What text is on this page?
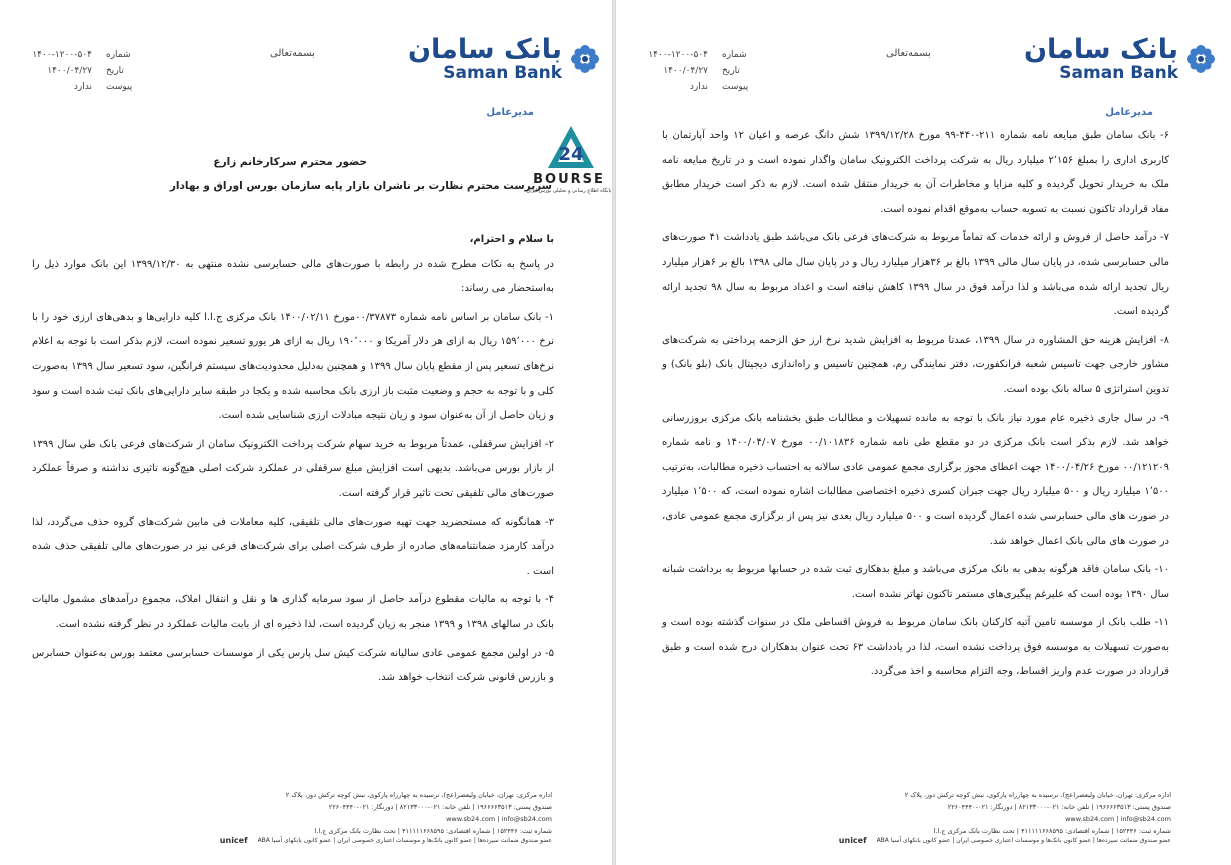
بانک سامان
Saman Bank
بسمه‌تعالی
۱۴۰۰-۱۲۰۰-۵۰۴ شماره
۱۴۰۰/۰۴/۲۷ تاریخ
ندارد پیوست
مدیرعامل
24
BOURSE
پایگاه اطلاع رسانی و تحلیلی بورس ایران
حضور محترم سرکارخانم زارع
سرپرست محترم نظارت بر ناشران بازار پایه سازمان بورس اوراق و بهادار

با سلام و احترام،

در پاسخ به نکات مطرح شده در رابطه با صورت‌های مالی حسابرسی نشده منتهی به ۱۳۹۹/۱۲/۳۰ این بانک موارد ذیل را به‌استحضار می رساند:

۱- بانک سامان بر اساس نامه شماره ۰۰/۳۷۸۷۳مورخ ۱۴۰۰/۰۲/۱۱ بانک مرکزی ج.ا.ا کلیه دارایی‌ها و بدهی‌های ارزی خود را با نرخ ۱۵۹٬۰۰۰ ریال به ازای هر دلار آمریکا و ۱۹۰٬۰۰۰ ریال به ازای هر یورو تسعیر نموده است، لازم بذکر است با توجه به اعلام نرخ‌های تسعیر پس از مقطع پایان سال ۱۳۹۹ و همچنین به‌دلیل محدودیت‌های سیستم فرانگین، سود تسعیر سال ۱۳۹۹ به‌صورت کلی و با توجه به حجم و وضعیت مثبت باز ارزی بانک محاسبه شده و یکجا در طبقه سایر دارایی‌های بانک ثبت شده است و سود و زیان حاصل از آن به‌عنوان سود و زیان نتیجه مبادلات ارزی شناسایی شده است.

۲- افزایش سرقفلی، عمدتاً مربوط به خرید سهام شرکت پرداخت الکترونیک سامان از شرکت‌های فرعی بانک طی سال ۱۳۹۹ از بازار بورس می‌باشد. بدیهی است افزایش مبلغ سرقفلی در عملکرد شرکت اصلی هیچ‌گونه تاثیری نداشته و صرفاً عملکرد صورت‌های مالی تلفیقی تحت تاثیر قرار گرفته است.

۳- همانگونه که مستحضرید جهت تهیه صورت‌های مالی تلفیقی، کلیه معاملات فی مابین شرکت‌های گروه حذف می‌گردد، لذا درآمد کارمزد ضمانتنامه‌های صادره از طرف شرکت اصلی برای شرکت‌های فرعی نیز در صورت‌های مالی تلفیقی حذف شده است .

۴- با توجه به مالیات مقطوع درآمد حاصل از سود سرمایه گذاری ها و نقل و انتقال املاک، مجموع درآمدهای مشمول مالیات بانک در سالهای ۱۳۹۸ و ۱۳۹۹ منجر به زیان گردیده است، لذا ذخیره ای از بابت مالیات عملکرد در نظر گرفته نشده است.

۵- در اولین مجمع عمومی عادی سالیانه شرکت کیش سل پارس یکی از موسسات حسابرسی معتمد بورس به‌عنوان حسابرس و بازرس قانونی شرکت انتخاب خواهد شد.

اداره مرکزی: تهران، خیابان ولیعصر(عج)، نرسیده به چهارراه پارکوی، نبش کوچه ترکش دوز، پلاک ۲
صندوق پستی: ۱۹۶۶۶۶۳۵۱۳ | تلفن خانه: ۰۲۱-۸۲۱۳۳۰۰۰ | دورنگار: ۰۲۱-۲۲۶۰۴۴۴۰
www.sb24.com | info@sb24.com
شماره ثبت: ۱۵۲۴۴۶ | شماره اقتصادی: ۴۱۱۱۱۱۶۶۸۵۹۵ | تحت نظارت بانک مرکزی ج.ا.ا
عضو صندوق ضمانت سپرده‌ها | عضو کانون بانک‌ها و موسسات اعتباری خصوصی ایران | عضو کانون بانکهای آسیا ABA
unicef
بانک سامان
Saman Bank
بسمه‌تعالی
۱۴۰۰-۱۲۰۰-۵۰۴ شماره
۱۴۰۰/۰۴/۲۷ تاریخ
ندارد پیوست
مدیرعامل

۶- بانک سامان طبق مبایعه نامه شماره ۲۱۱-۴۴۰-۹۹ مورخ ۱۳۹۹/۱۲/۲۸ شش دانگ عرصه و اعیان ۱۲ واحد آپارتمان با کاربری اداری را بمبلغ ۲٬۱۵۶ میلیارد ریال به شرکت پرداخت الکترونیک سامان واگذار نموده است و در تاریخ مبایعه نامه ملک به خریدار تحویل گردیده و کلیه مزایا و مخاطرات آن به خریدار منتقل شده است. لازم به ذکر است خریدار مطابق مفاد قرارداد تاکنون نسبت به تسویه حساب به‌موقع اقدام نموده است.

۷- درآمد حاصل از فروش و ارائه خدمات که تماماً مربوط به شرکت‌های فرعی بانک می‌باشد طبق یادداشت ۴۱ صورت‌های مالی حسابرسی شده، در پایان سال مالی ۱۳۹۹ بالغ بر ۳۶هزار میلیارد ریال و در پایان سال مالی ۱۳۹۸ بالغ بر ۶هزار میلیارد ریال تجدید ارائه شده می‌باشد و لذا درآمد فوق در سال ۱۳۹۹ کاهش نیافته است و اعداد مربوط به سال ۹۸ تجدید ارائه گردیده است.

۸- افزایش هزینه حق المشاوره در سال ۱۳۹۹، عمدتا مربوط به افزایش شدید نرخ ارز حق الزحمه پرداختی به شرکت‌های مشاور خارجی جهت تاسیس شعبه فرانکفورت، دفتر نمایندگی رم، همچنین تاسیس و راه‌اندازی دیجیتال بانک (بلو بانک) و تدوین استراتژی ۵ ساله بانک بوده است.

۹- در سال جاری ذخیره عام مورد نیاز بانک با توجه به مانده تسهیلات و مطالبات طبق بخشنامه بانک مرکزی بروزرسانی خواهد شد. لازم بذکر است بانک مرکزی در دو مقطع طی نامه شماره ۰۰/۱۰۱۸۳۶ مورخ ۱۴۰۰/۰۴/۰۷ و نامه شماره ۰۰/۱۲۱۲۰۹ مورخ ۱۴۰۰/۰۴/۲۶ جهت اعطای مجوز برگزاری مجمع عمومی عادی سالانه به احتساب ذخیره مطالبات، به‌ترتیب ۱٬۵۰۰ میلیارد ریال و ۵۰۰ میلیارد ریال جهت جبران کسری ذخیره اختصاصی مطالبات اشاره نموده است، که ۱٬۵۰۰ میلیارد در صورت های مالی حسابرسی شده اعمال گردیده است و ۵۰۰ میلیارد ریال بعدی نیز پس از برگزاری مجمع عمومی عادی، در صورت های مالی بانک اعمال خواهد شد.

۱۰- بانک سامان فاقد هرگونه بدهی به بانک مرکزی می‌باشد و مبلغ بدهکاری ثبت شده در حسابها مربوط به برداشت شبانه سال ۱۳۹۰ بوده است که علیرغم پیگیری‌های مستمر تاکنون تهاتر نشده است.

۱۱- طلب بانک از موسسه تامین آتیه کارکنان بانک سامان مربوط به فروش اقساطی ملک در سنوات گذشته بوده است و به‌صورت تسهیلات به موسسه فوق پرداخت نشده است، لذا در یادداشت ۶۳ تحت عنوان بدهکاران درج شده است و طبق قرارداد در صورت عدم واریز اقساط، وجه التزام محاسبه و اخذ می‌گردد.

اداره مرکزی: تهران، خیابان ولیعصر(عج)، نرسیده به چهارراه پارکوی، نبش کوچه ترکش دوز، پلاک ۲
صندوق پستی: ۱۹۶۶۶۶۳۵۱۳ | تلفن خانه: ۰۲۱-۸۲۱۳۳۰۰۰ | دورنگار: ۰۲۱-۲۲۶۰۴۴۴۰
www.sb24.com | info@sb24.com
شماره ثبت: ۱۵۲۴۴۶ | شماره اقتصادی: ۴۱۱۱۱۱۶۶۸۵۹۵ | تحت نظارت بانک مرکزی ج.ا.ا
عضو صندوق ضمانت سپرده‌ها | عضو کانون بانک‌ها و موسسات اعتباری خصوصی ایران | عضو کانون بانکهای آسیا ABA
unicef
